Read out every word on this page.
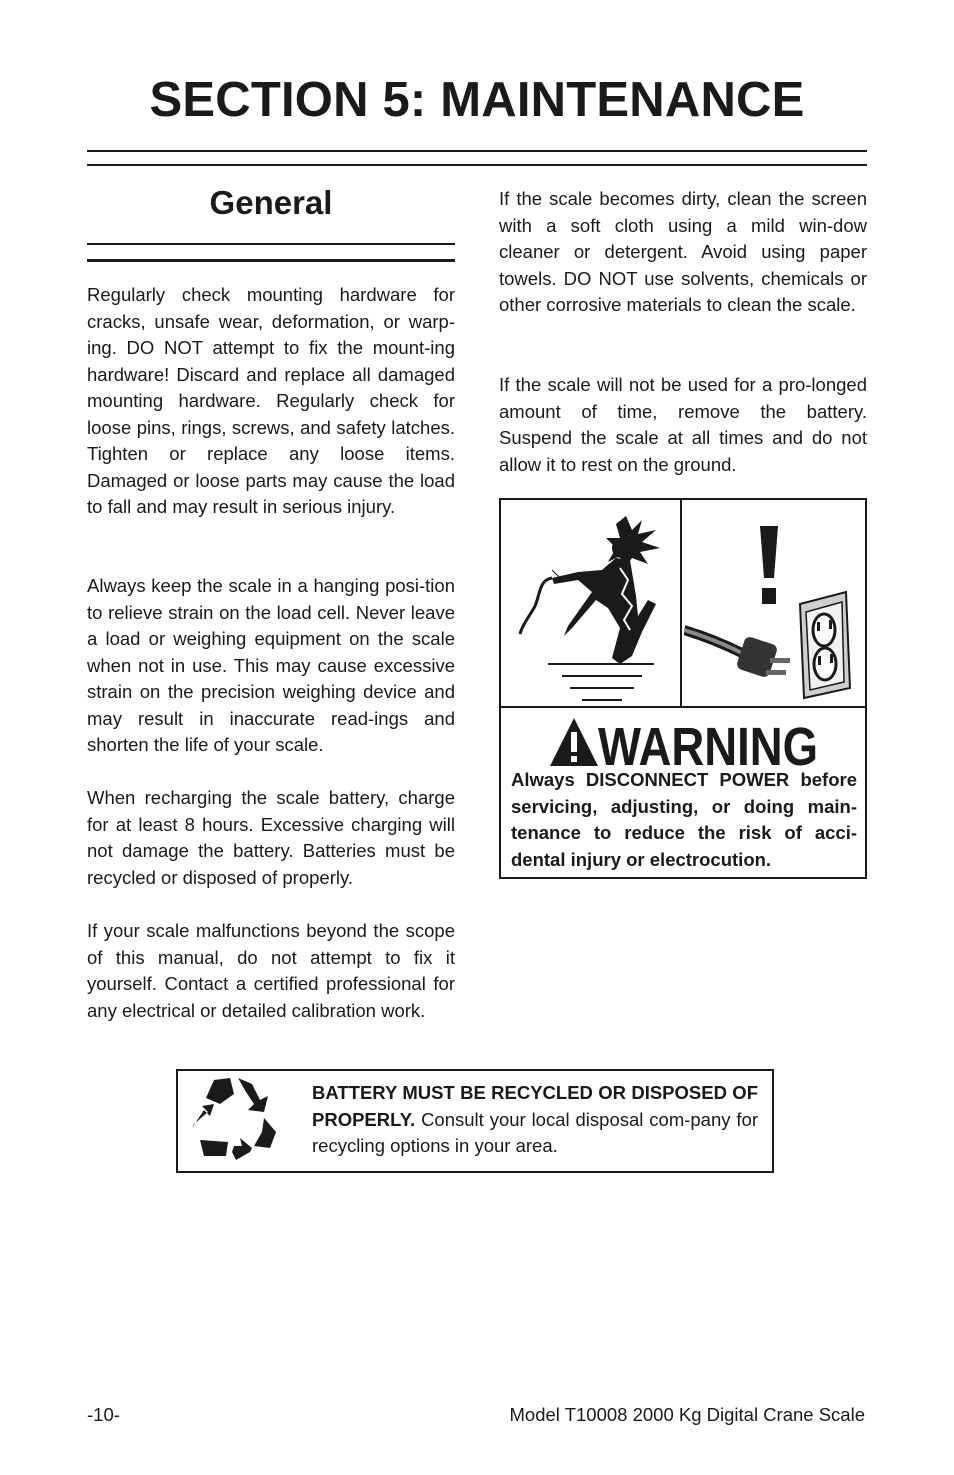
SECTION 5: MAINTENANCE
General

Regularly check mounting hardware for cracks, unsafe wear, deformation, or warp-ing. DO NOT attempt to fix the mount-ing hardware! Discard and replace all damaged mounting hardware. Regularly check for loose pins, rings, screws, and safety latches. Tighten or replace any loose items. Damaged or loose parts may cause the load to fall and may result in serious injury.

Always keep the scale in a hanging posi-tion to relieve strain on the load cell. Never leave a load or weighing equipment on the scale when not in use. This may cause excessive strain on the precision weighing device and may result in inaccurate read-ings and shorten the life of your scale.

When recharging the scale battery, charge for at least 8 hours. Excessive charging will not damage the battery. Batteries must be recycled or disposed of properly.

If your scale malfunctions beyond the scope of this manual, do not attempt to fix it yourself. Contact a certified professional for any electrical or detailed calibration work.

If the scale becomes dirty, clean the screen with a soft cloth using a mild win-dow cleaner or detergent. Avoid using paper towels. DO NOT use solvents, chemicals or other corrosive materials to clean the scale.

If the scale will not be used for a pro-longed amount of time, remove the battery. Suspend the scale at all times and do not allow it to rest on the ground.

WARNING

Always DISCONNECT POWER before servicing, adjusting, or doing main-tenance to reduce the risk of acci-dental injury or electrocution.

BATTERY MUST BE RECYCLED OR DISPOSED OF PROPERLY. Consult your local disposal com-pany for recycling options in your area.

-10-	Model T10008 2000 Kg Digital Crane Scale
